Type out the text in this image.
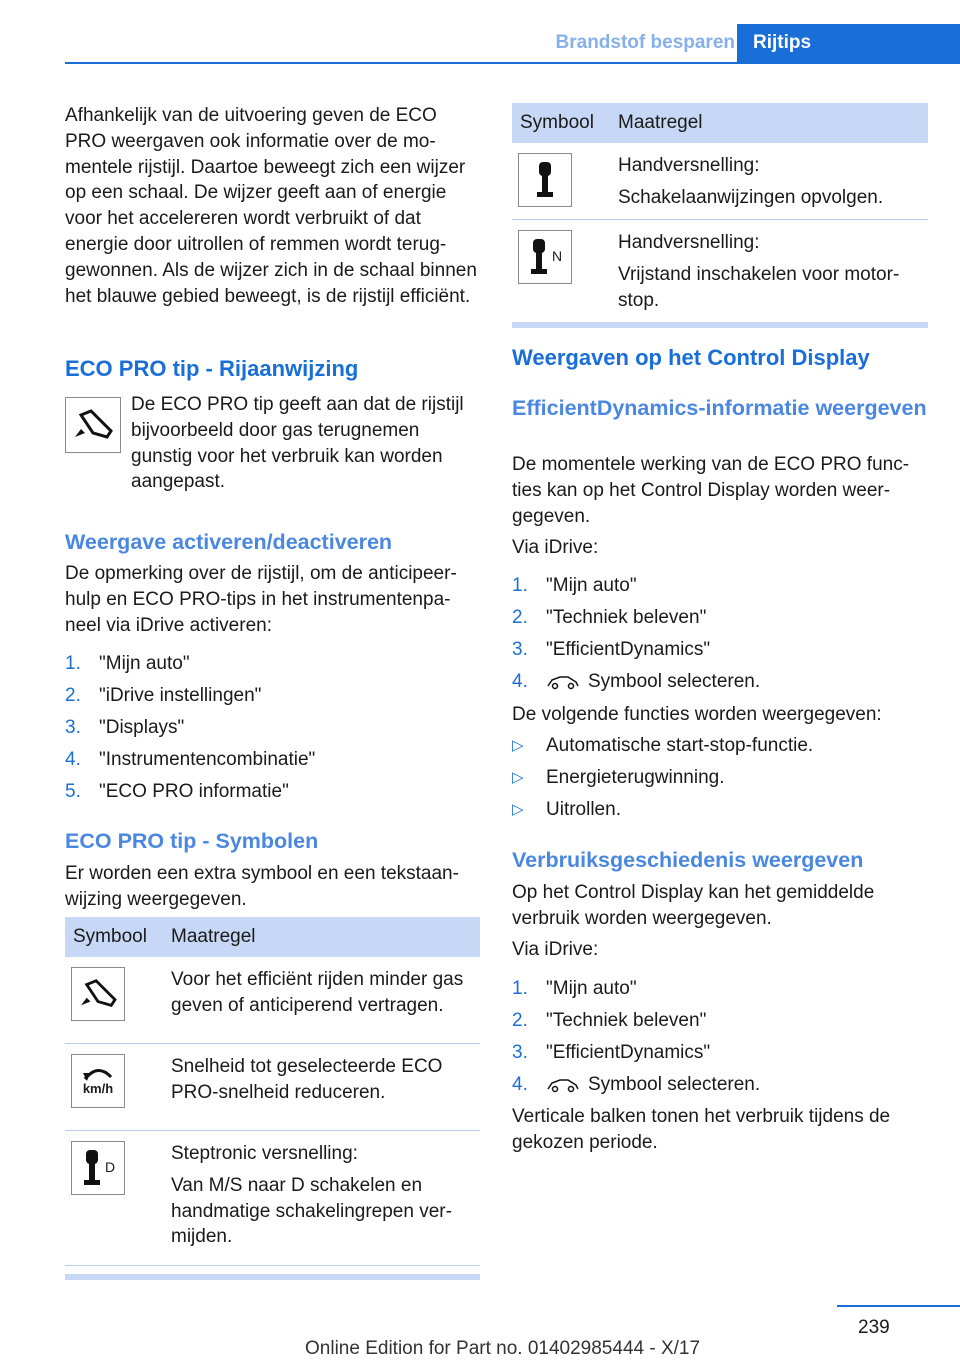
Brandstof besparen Rijtips

Afhankelijk van de uitvoering geven de ECO PRO weergaven ook informatie over de momentele rijstijl. Daartoe beweegt zich een wijzer op een schaal. De wijzer geeft aan of energie voor het accelereren wordt verbruikt of dat energie door uitrollen of remmen wordt teruggewonnen. Als de wijzer zich in de schaal binnen het blauwe gebied beweegt, is de rijstijl efficiënt.

ECO PRO tip - Rijaanwijzing

De ECO PRO tip geeft aan dat de rijstijl bijvoorbeeld door gas terugnemen gunstig voor het verbruik kan worden aangepast.

Weergave activeren/deactiveren

De opmerking over de rijstijl, om de anticipeerhulp en ECO PRO-tips in het instrumentenpaneel via iDrive activeren:

1. "Mijn auto"
2. "iDrive instellingen"
3. "Displays"
4. "Instrumentencombinatie"
5. "ECO PRO informatie"
ECO PRO tip - Symbolen

Er worden een extra symbool en een tekstaanwijzing weergegeven.

Symbool	Maatregel

Voor het efficiënt rijden minder gas geven of anticiperend vertragen.

km/h	Snelheid tot geselecteerde ECO PRO-snelheid reduceren.

D	Steptronic versnelling:
Van M/S naar D schakelen en handmatige schakelingrepen vermijden.
Symbool	Maatregel

Handversnelling:
Schakelaanwijzingen opvolgen.

N	Handversnelling:
Vrijstand inschakelen voor motorstop.
Weergaven op het Control Display
EfficientDynamics-informatie weergeven

De momentele werking van de ECO PRO functies kan op het Control Display worden weergegeven.

Via iDrive:

1. "Mijn auto"
2. "Techniek beleven"
3. "EfficientDynamics"
4.	Symbool selecteren.

De volgende functies worden weergegeven:

▷ Automatische start-stop-functie.
▷ Energieterugwinning.
▷ Uitrollen.
Verbruiksgeschiedenis weergeven

Op het Control Display kan het gemiddelde verbruik worden weergegeven.

Via iDrive:

1. "Mijn auto"
2. "Techniek beleven"
3. "EfficientDynamics"
4.	Symbool selecteren.

Verticale balken tonen het verbruik tijdens de gekozen periode.

239
Online Edition for Part no. 01402985444 - X/17
